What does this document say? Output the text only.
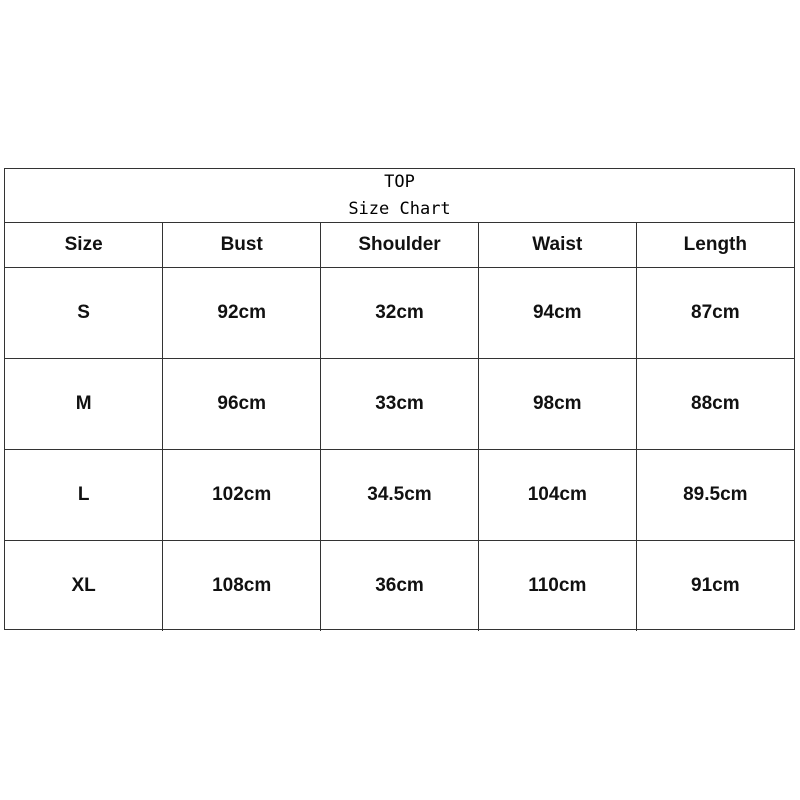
TOP
Size Chart
Size	Bust	Shoulder	Waist	Length
S	92cm	32cm	94cm	87cm
M	96cm	33cm	98cm	88cm
L	102cm	34.5cm	104cm	89.5cm
XL	108cm	36cm	110cm	91cm
